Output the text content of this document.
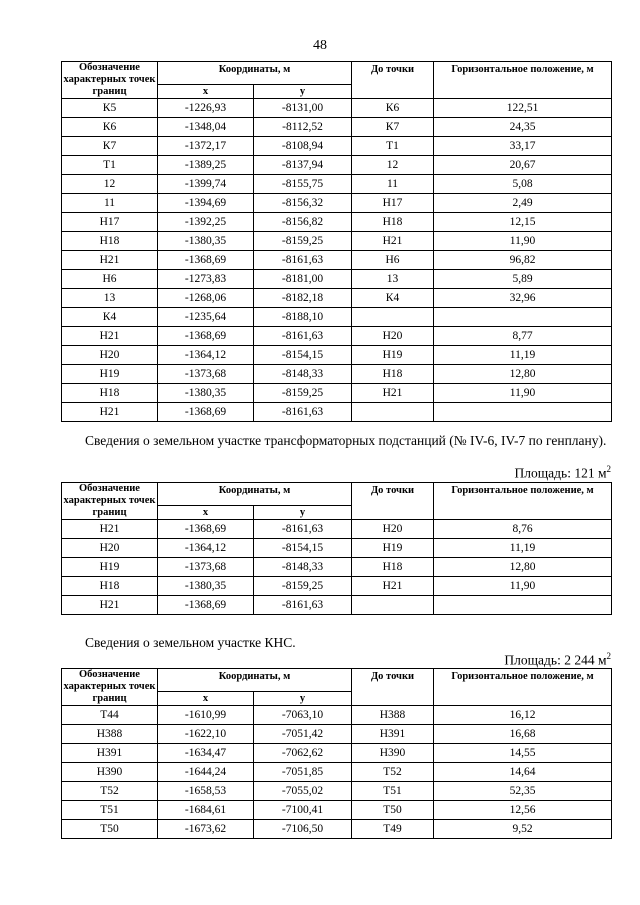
48
Обозначение характерных точек границ	Координаты, м		До точки	Горизонтальное положение, м
	x	y		
К5	-1226,93	-8131,00	К6	122,51
К6	-1348,04	-8112,52	К7	24,35
К7	-1372,17	-8108,94	Т1	33,17
Т1	-1389,25	-8137,94	12	20,67
12	-1399,74	-8155,75	11	5,08
11	-1394,69	-8156,32	Н17	2,49
Н17	-1392,25	-8156,82	Н18	12,15
Н18	-1380,35	-8159,25	Н21	11,90
Н21	-1368,69	-8161,63	Н6	96,82
Н6	-1273,83	-8181,00	13	5,89
13	-1268,06	-8182,18	К4	32,96
К4	-1235,64	-8188,10		
Н21	-1368,69	-8161,63	Н20	8,77
Н20	-1364,12	-8154,15	Н19	11,19
Н19	-1373,68	-8148,33	Н18	12,80
Н18	-1380,35	-8159,25	Н21	11,90
Н21	-1368,69	-8161,63		
Сведения о земельном участке трансформаторных подстанций (№ IV-6, IV-7 по генплану).
Площадь: 121 $м^2$
Обозначение характерных точек границ	Координаты, м		До точки	Горизонтальное положение, м
	x	y		
Н21	-1368,69	-8161,63	Н20	8,76
Н20	-1364,12	-8154,15	Н19	11,19
Н19	-1373,68	-8148,33	Н18	12,80
Н18	-1380,35	-8159,25	Н21	11,90
Н21	-1368,69	-8161,63		
Сведения о земельном участке КНС.
Площадь: 2 244 $м^2$
Обозначение характерных точек границ	Координаты, м		До точки	Горизонтальное положение, м
	x	y		
Т44	-1610,99	-7063,10	Н388	16,12
Н388	-1622,10	-7051,42	Н391	16,68
Н391	-1634,47	-7062,62	Н390	14,55
Н390	-1644,24	-7051,85	Т52	14,64
Т52	-1658,53	-7055,02	Т51	52,35
Т51	-1684,61	-7100,41	Т50	12,56
Т50	-1673,62	-7106,50	Т49	9,52
